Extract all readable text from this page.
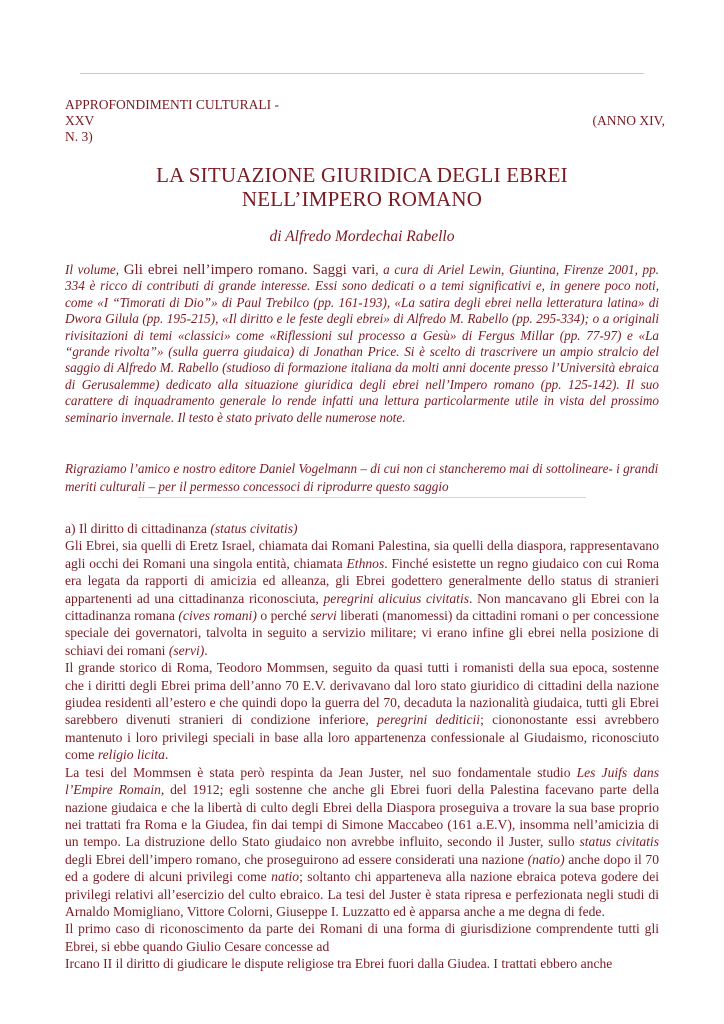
APPROFONDIMENTI CULTURALI -
XXV	(ANNO XIV,
N. 3)
LA SITUAZIONE GIURIDICA DEGLI EBREI
NELL’IMPERO ROMANO
di Alfredo Mordechai Rabello
Il volume, Gli ebrei nell’impero romano. Saggi vari, a cura di Ariel Lewin, Giuntina, Firenze 2001, pp. 334 è ricco di contributi di grande interesse. Essi sono dedicati o a temi significativi e, in genere poco noti, come «I “Timorati di Dio”» di Paul Trebilco (pp. 161-193), «La satira degli ebrei nella letteratura latina» di Dwora Gilula (pp. 195-215), «Il diritto e le feste degli ebrei» di Alfredo M. Rabello (pp. 295-334); o a originali rivisitazioni di temi «classici» come «Riflessioni sul processo a Gesù» di Fergus Millar (pp. 77-97) e «La “grande rivolta”» (sulla guerra giudaica) di Jonathan Price. Si è scelto di trascrivere un ampio stralcio del saggio di Alfredo M. Rabello (studioso di formazione italiana da molti anni docente presso l’Università ebraica di Gerusalemme) dedicato alla situazione giuridica degli ebrei nell’Impero romano (pp. 125-142). Il suo carattere di inquadramento generale lo rende infatti una lettura particolarmente utile in vista del prossimo seminario invernale. Il testo è stato privato delle numerose note.
Rigraziamo l’amico e nostro editore Daniel Vogelmann – di cui non ci stancheremo mai di sottolineare- i grandi meriti culturali – per il permesso concessoci di riprodurre questo saggio

a) Il diritto di cittadinanza (status civitatis)

Gli Ebrei, sia quelli di Eretz Israel, chiamata dai Romani Palestina, sia quelli della diaspora, rappresentavano agli occhi dei Romani una singola entità, chiamata Ethnos. Finché esistette un regno giudaico con cui Roma era legata da rapporti di amicizia ed alleanza, gli Ebrei godettero generalmente dello status di stranieri appartenenti ad una cittadinanza riconosciuta, peregrini alicuius civitatis. Non mancavano gli Ebrei con la cittadinanza romana (cives romani) o perché servi liberati (manomessi) da cittadini romani o per concessione speciale dei governatori, talvolta in seguito a servizio militare; vi erano infine gli ebrei nella posizione di schiavi dei romani (servi).

Il grande storico di Roma, Teodoro Mommsen, seguito da quasi tutti i romanisti della sua epoca, sostenne che i diritti degli Ebrei prima dell’anno 70 E.V. derivavano dal loro stato giuridico di cittadini della nazione giudea residenti all’estero e che quindi dopo la guerra del 70, decaduta la nazionalità giudaica, tutti gli Ebrei sarebbero divenuti stranieri di condizione inferiore, peregrini dediticii; ciononostante essi avrebbero mantenuto i loro privilegi speciali in base alla loro appartenenza confessionale al Giudaismo, riconosciuto come religio licita.

La tesi del Mommsen è stata però respinta da Jean Juster, nel suo fondamentale studio Les Juifs dans l’Empire Romain, del 1912; egli sostenne che anche gli Ebrei fuori della Palestina facevano parte della nazione giudaica e che la libertà di culto degli Ebrei della Diaspora proseguiva a trovare la sua base proprio nei trattati fra Roma e la Giudea, fin dai tempi di Simone Maccabeo (161 a.E.V), insomma nell’amicizia di un tempo. La distruzione dello Stato giudaico non avrebbe influito, secondo il Juster, sullo status civitatis degli Ebrei dell’impero romano, che proseguirono ad essere considerati una nazione (natio) anche dopo il 70 ed a godere di alcuni privilegi come natio; soltanto chi apparteneva alla nazione ebraica poteva godere dei privilegi relativi all’esercizio del culto ebraico. La tesi del Juster è stata ripresa e perfezionata negli studi di Arnaldo Momigliano, Vittore Colorni, Giuseppe I. Luzzatto ed è apparsa anche a me degna di fede.

Il primo caso di riconoscimento da parte dei Romani di una forma di giurisdizione comprendente tutti gli Ebrei, si ebbe quando Giulio Cesare concesse ad

Ircano II il diritto di giudicare le dispute religiose tra Ebrei fuori dalla Giudea. I trattati ebbero anche
